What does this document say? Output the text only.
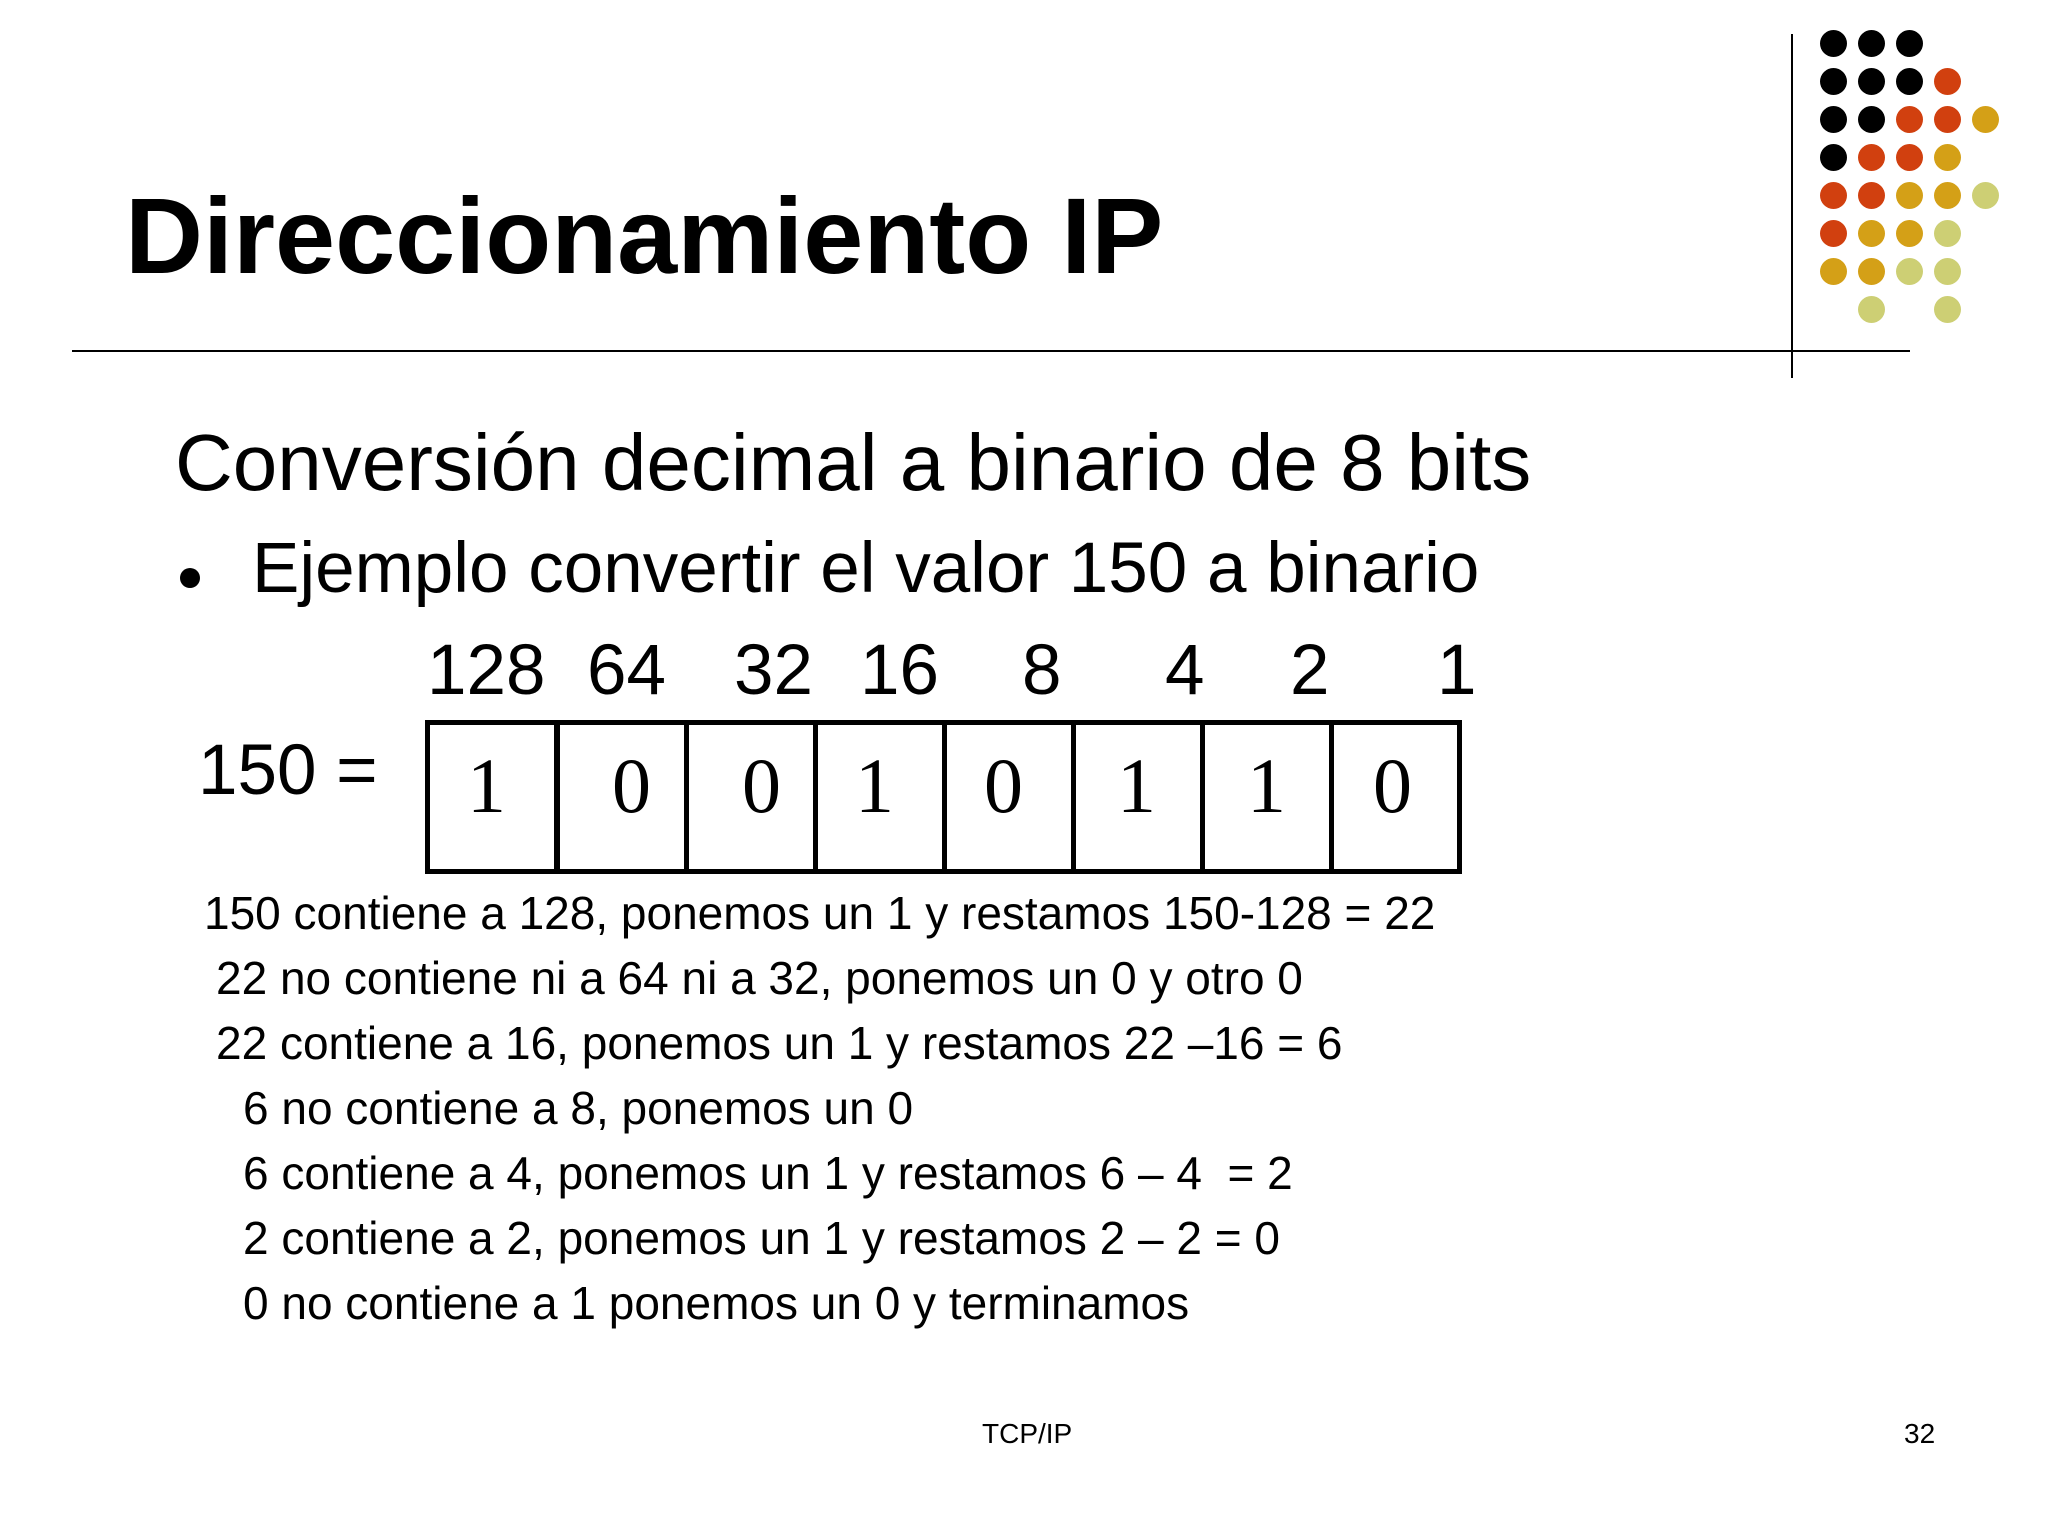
Direccionamiento IP
Conversión decimal a binario de 8 bits
Ejemplo convertir el valor 150 a binario
128 64 32 16 8 4 2 1
150 = 1 0 0 1 0 1 1 0
150 contiene a 128, ponemos un 1 y restamos 150-128 = 22
22 no contiene ni a 64 ni a 32, ponemos un 0 y otro 0
22 contiene a 16, ponemos un 1 y restamos 22 –16 = 6
6 no contiene a 8, ponemos un 0
6 contiene a 4, ponemos un 1 y restamos 6 – 4  = 2
2 contiene a 2, ponemos un 1 y restamos 2 – 2 = 0
0 no contiene a 1 ponemos un 0 y terminamos
TCP/IP	32
